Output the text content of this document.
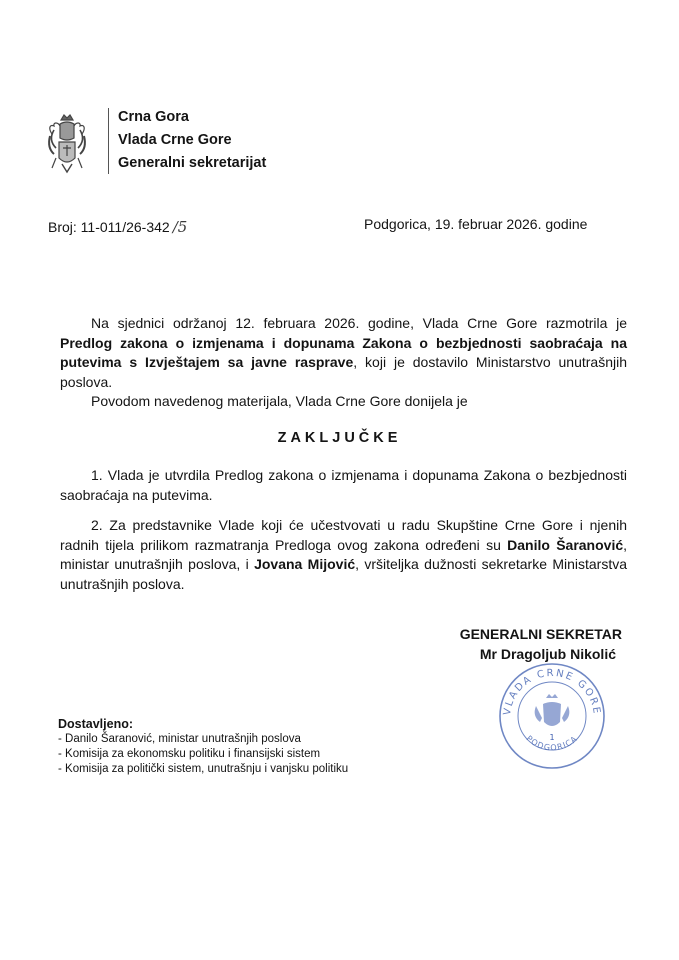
Crna Gora
Vlada Crne Gore
Generalni sekretarijat
Broj: 11-011/26-342 /5	Podgorica, 19. februar 2026. godine
Na sjednici održanoj 12. februara 2026. godine, Vlada Crne Gore razmotrila je Predlog zakona o izmjenama i dopunama Zakona o bezbjednosti saobraćaja na putevima s Izvještajem sa javne rasprave, koji je dostavilo Ministarstvo unutrašnjih poslova.
Povodom navedenog materijala, Vlada Crne Gore donijela je
ZAKLJUČKE
1. Vlada je utvrdila Predlog zakona o izmjenama i dopunama Zakona o bezbjednosti saobraćaja na putevima.
2. Za predstavnike Vlade koji će učestvovati u radu Skupštine Crne Gore i njenih radnih tijela prilikom razmatranja Predloga ovog zakona određeni su Danilo Šaranović, ministar unutrašnjih poslova, i Jovana Mijović, vršiteljka dužnosti sekretarke Ministarstva unutrašnjih poslova.
GENERALNI SEKRETAR
Mr Dragoljub Nikolić
VLADA CRNE GORE
PODGORICA
1
Dostavljeno:
- Danilo Šaranović, ministar unutrašnjih poslova
- Komisija za ekonomsku politiku i finansijski sistem
- Komisija za politički sistem, unutrašnju i vanjsku politiku
